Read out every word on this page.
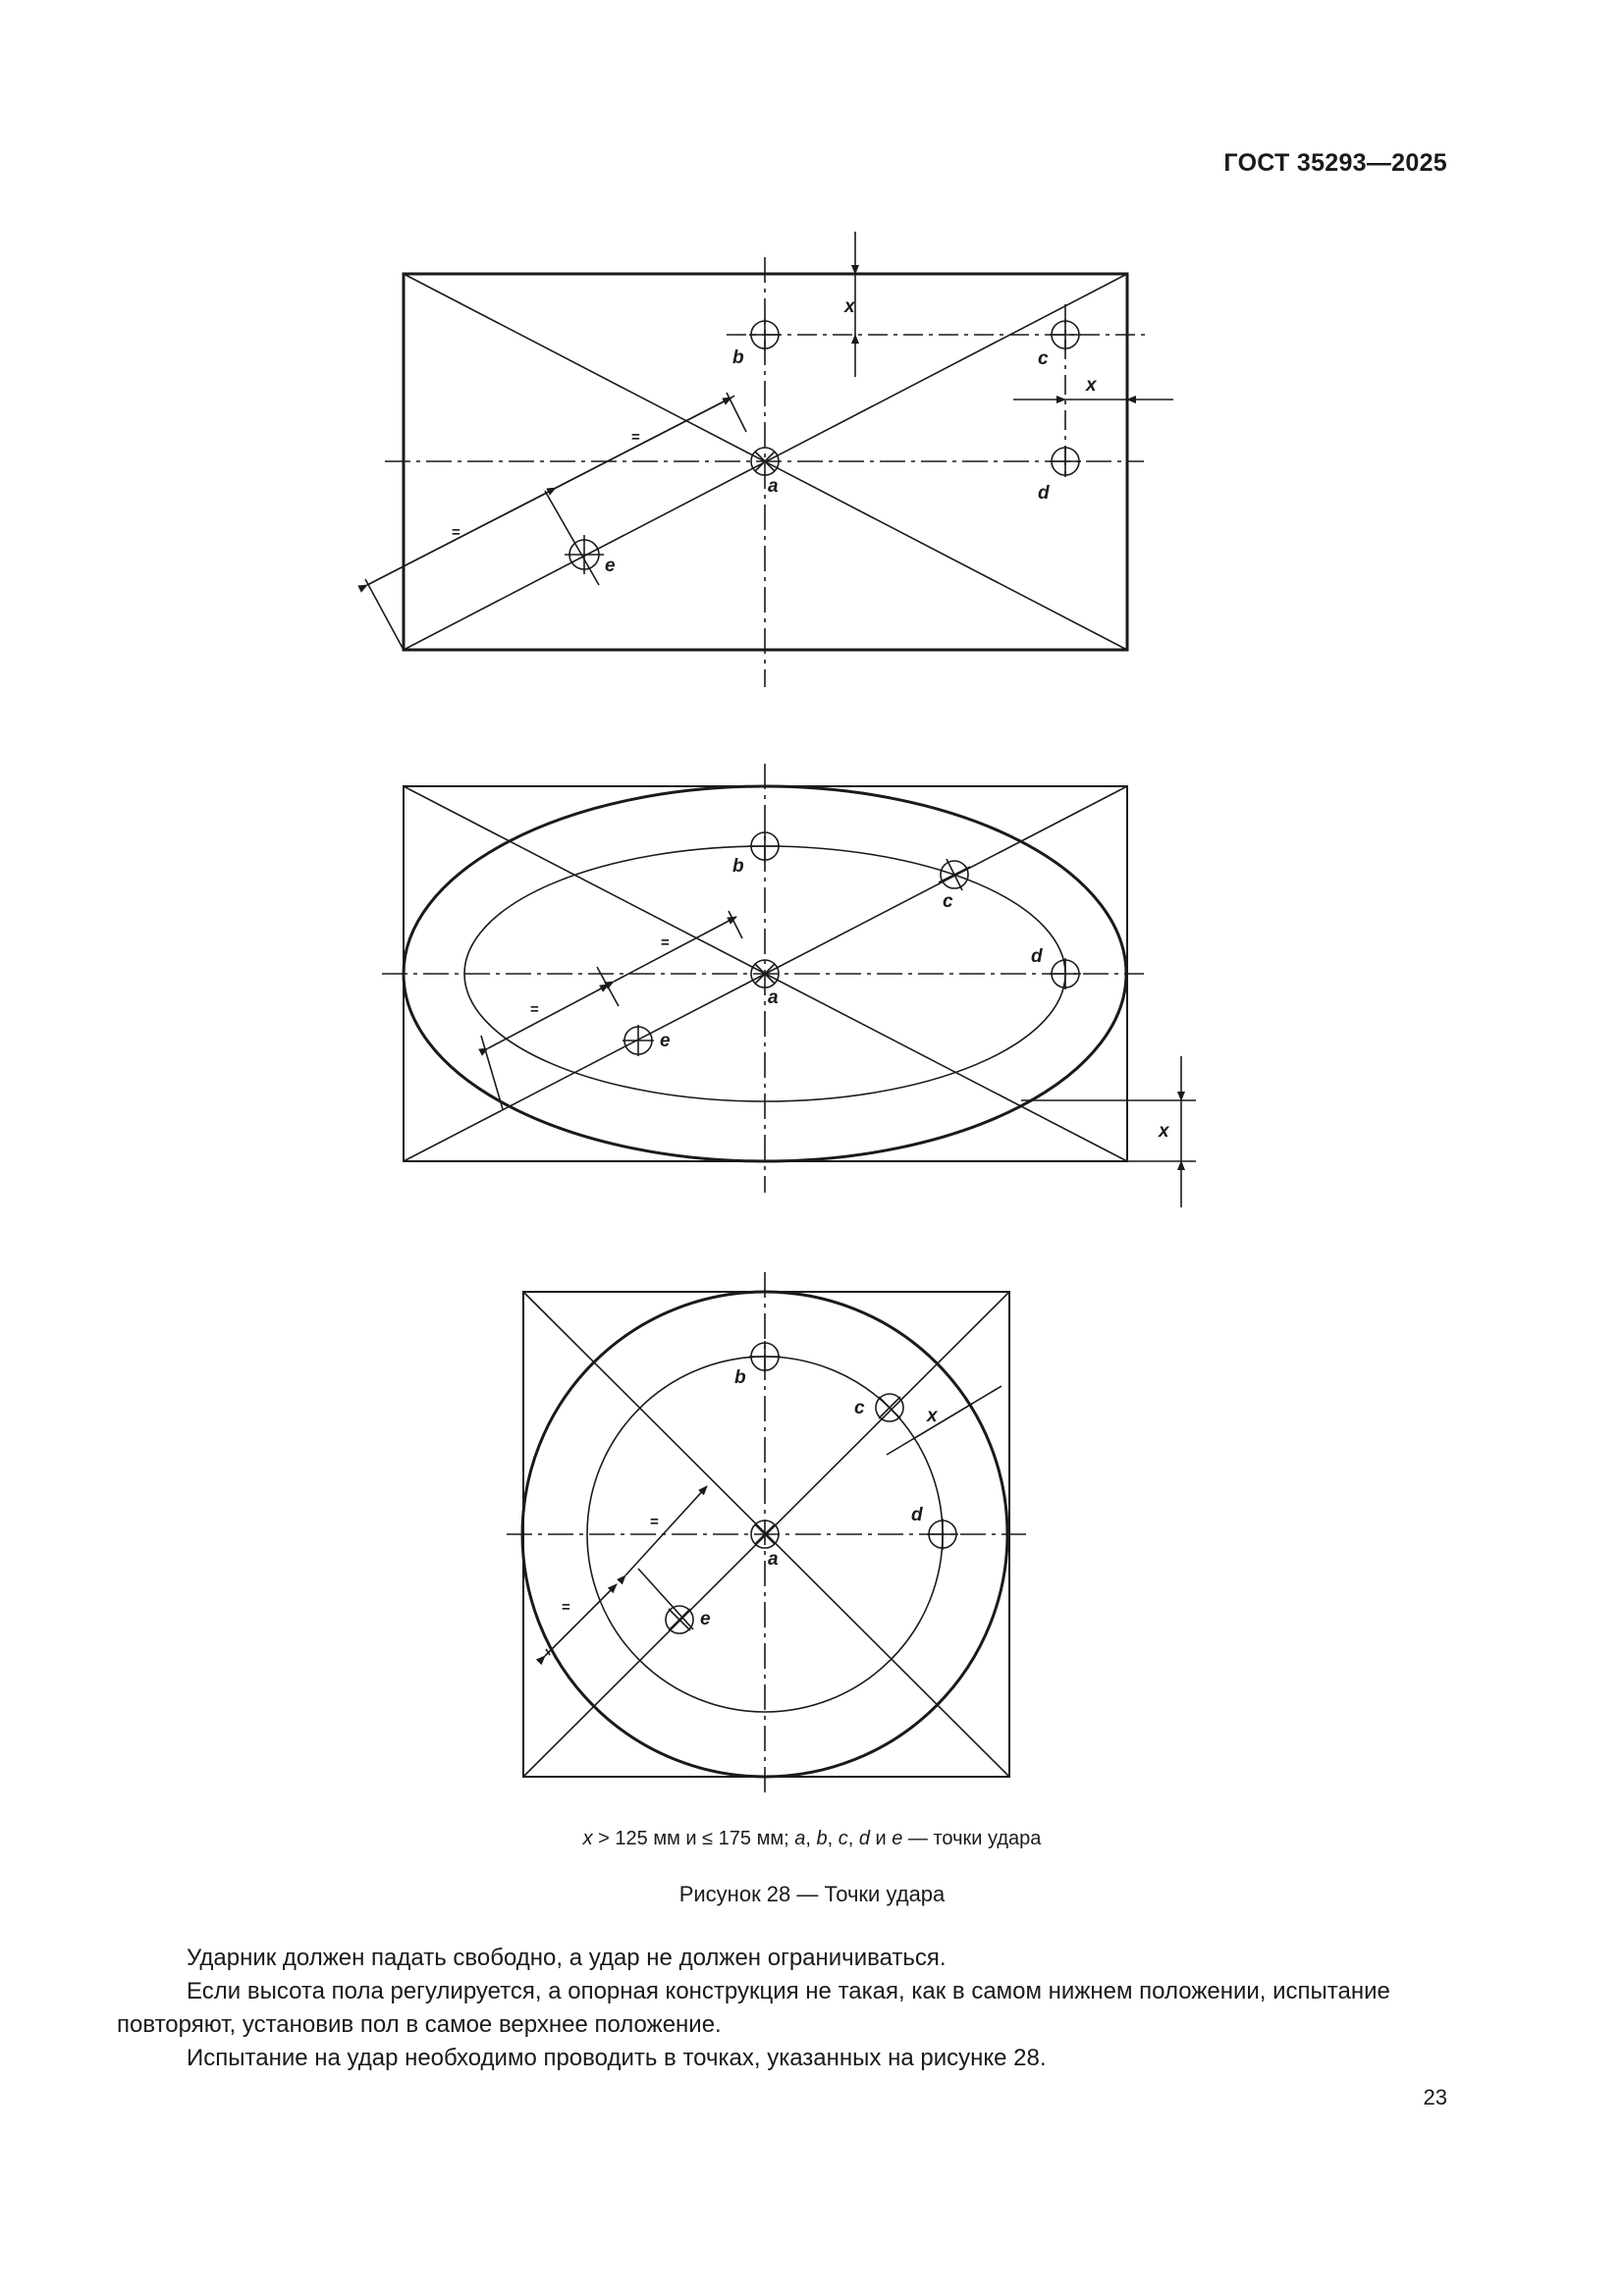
ГОСТ 35293—2025
b	c
d
a
e
x
x
=
=
b
c
d
a
e
x
=
=
b
c
d
a
e
x
=
=
x > 125 мм и ≤ 175 мм; a, b, c, d и e — точки удара
Рисунок 28 — Точки удара

Ударник должен падать свободно, а удар не должен ограничиваться.

Если высота пола регулируется, а опорная конструкция не такая, как в самом нижнем положении, испытание повторяют, установив пол в самое верхнее положение.

Испытание на удар необходимо проводить в точках, указанных на рисунке 28.

23
